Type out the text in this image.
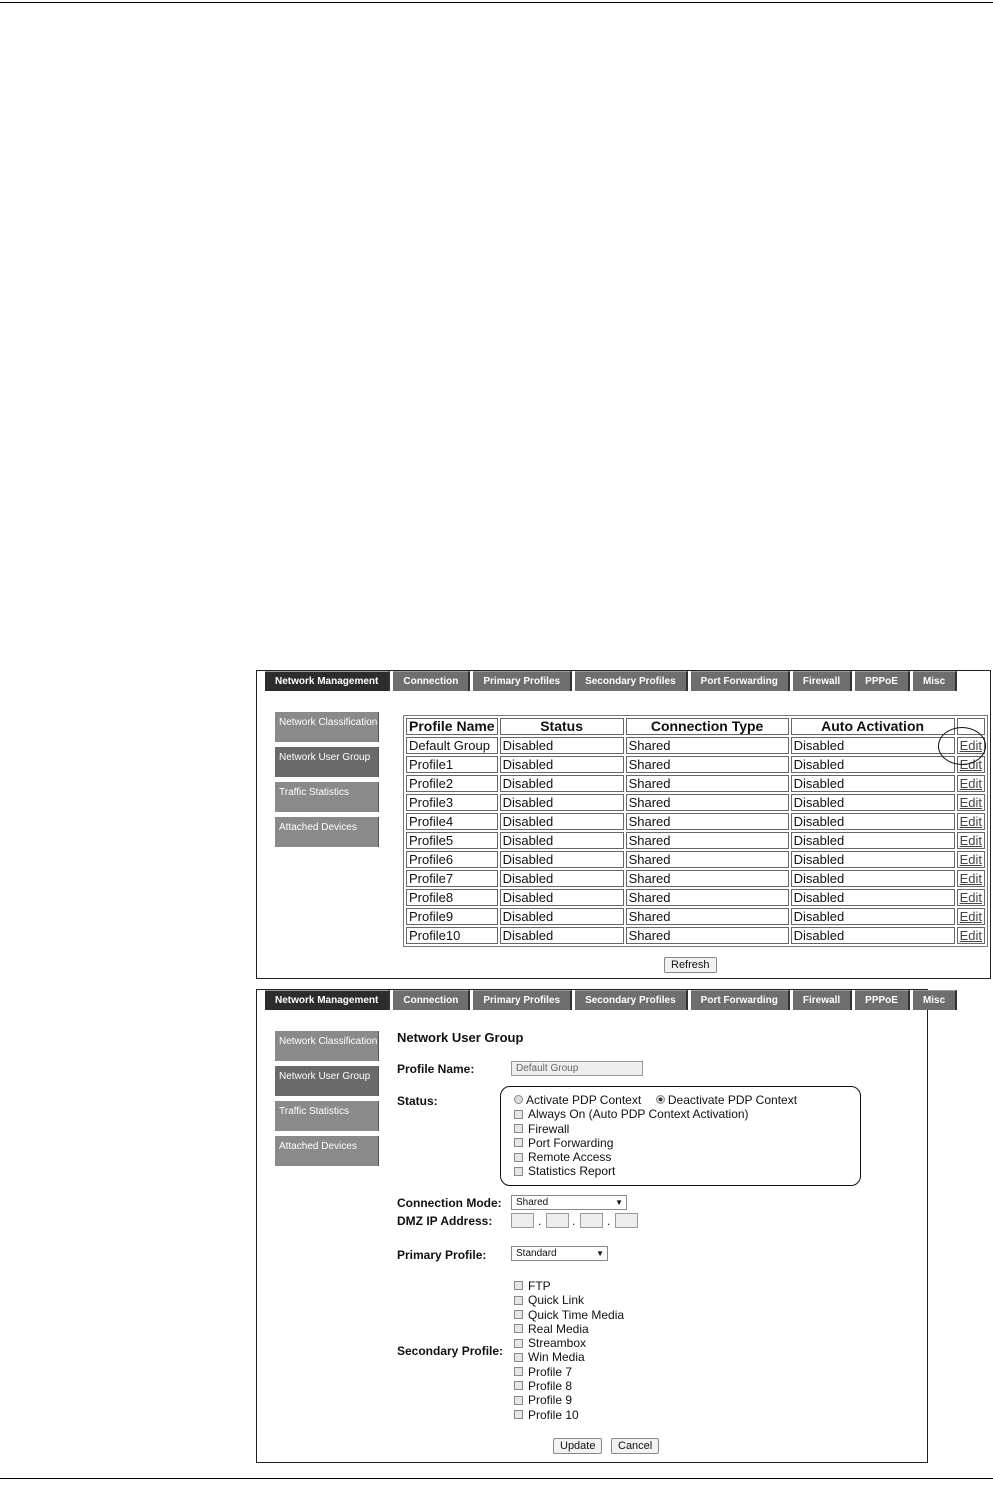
Network Management	Connection	Primary Profiles	Secondary Profiles	Port Forwarding	Firewall	PPPoE	Misc
Network Classification
Network User Group
Traffic Statistics
Attached Devices
Profile Name	Status	Connection Type	Auto Activation	
Default Group	Disabled	Shared	Disabled	Edit
Profile1	Disabled	Shared	Disabled	Edit
Profile2	Disabled	Shared	Disabled	Edit
Profile3	Disabled	Shared	Disabled	Edit
Profile4	Disabled	Shared	Disabled	Edit
Profile5	Disabled	Shared	Disabled	Edit
Profile6	Disabled	Shared	Disabled	Edit
Profile7	Disabled	Shared	Disabled	Edit
Profile8	Disabled	Shared	Disabled	Edit
Profile9	Disabled	Shared	Disabled	Edit
Profile10	Disabled	Shared	Disabled	Edit
Refresh
Network Management	Connection	Primary Profiles	Secondary Profiles	Port Forwarding	Firewall	PPPoE	Misc
Network Classification
Network User Group
Traffic Statistics
Attached Devices
Network User Group
Profile Name:	Default Group
Status:	Activate PDP Context Deactivate PDP Context
Always On (Auto PDP Context Activation)
Firewall
Port Forwarding
Remote Access
Statistics Report
Connection Mode:	Shared	▼
DMZ IP Address:	.	.	.
Primary Profile:	Standard	▼
Secondary Profile:
FTP
Quick Link
Quick Time Media
Real Media
Streambox
Win Media
Profile 7
Profile 8
Profile 9
Profile 10
Update	Cancel
